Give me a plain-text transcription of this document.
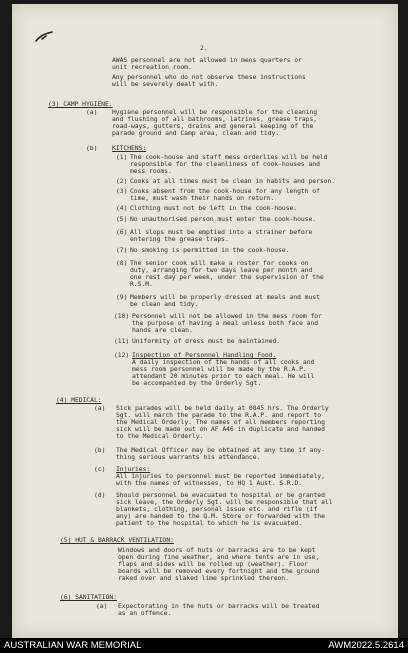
2.
AWAS personnel are not allowed in mens quarters or
unit recreation room.
Any personnel who do not observe these instructions
will be severely dealt with.
(3) CAMP HYGIENE.
(a) Hygiene personnel will be responsible for the cleaning
and flushing of all bathrooms, latrines, grease traps,
road-ways, gutters, drains and general keeping of the
parade ground and Camp area, clean and tidy.
(b) KITCHENS:
(1) The cook-house and staff mess orderlies will be held
responsible for the cleanliness of cook-houses and
mess rooms.
(2) Cooks at all times must be clean in habits and person.
(3) Cooks absent from the cook-house for any length of
time, must wash their hands on return.
(4) Clothing must not be left in the cook-house.
(5) No unauthorised person must enter the cook-house.
(6) All slops must be emptied into a strainer before
entering the grease traps.
(7) No smoking is permitted in the cook-house.
(8) The senior cook will make a roster for cooks on
duty, arranging for two days leave per month and
one rest day per week, under the supervision of the
R.S.M.
(9) Members will be properly dressed at meals and must
be clean and tidy.
(10) Personnel will not be allowed in the mess room for
the purpose of having a meal unless both face and
hands are clean.
(11) Uniformity of dress must be maintained.
(12) Inspection of Personnel Handling Food.
A daily inspection of the hands of all cooks and
mess room personnel will be made by the R.A.P.
attendant 20 minutes prior to each meal. He will
be accompanied by the Orderly Sgt.
(4) MEDICAL:
(a) Sick parades will be held daily at 0845 hrs. The Orderly
Sgt. will march the parade to the R.A.P. and report to
the Medical Orderly. The names of all members reporting
sick will be made out on AF A46 in duplicate and handed
to the Medical Orderly.
(b) The Medical Officer may be obtained at any time if any-
thing serious warrants his attendance.
(c) Injuries:
All injuries to personnel must be reported immediately,
with the names of witnesses, to HQ 1 Aust. S.R.D.
(d) Should personnel be evacuated to hospital or be granted
sick leave, the Orderly Sgt. will be responsible that all
blankets, clothing, personal issue etc. and rifle (if
any) are handed to the Q.M. Store or forwarded with the
patient to the hospital to which he is evacuated.
(5) HUT & BARRACK VENTILATION:
Windows and doors of huts or barracks are to be kept
open during fine weather, and where tents are in use,
flaps and sides will be rolled up (weather). Floor
boards will be removed every fortnight and the ground
raked over and slaked lime sprinkled thereon.
(6) SANITATION:
(a) Expectorating in the huts or barracks will be treated
as an offence.
AUSTRALIAN WAR MEMORIAL	AWM2022.5.2614
